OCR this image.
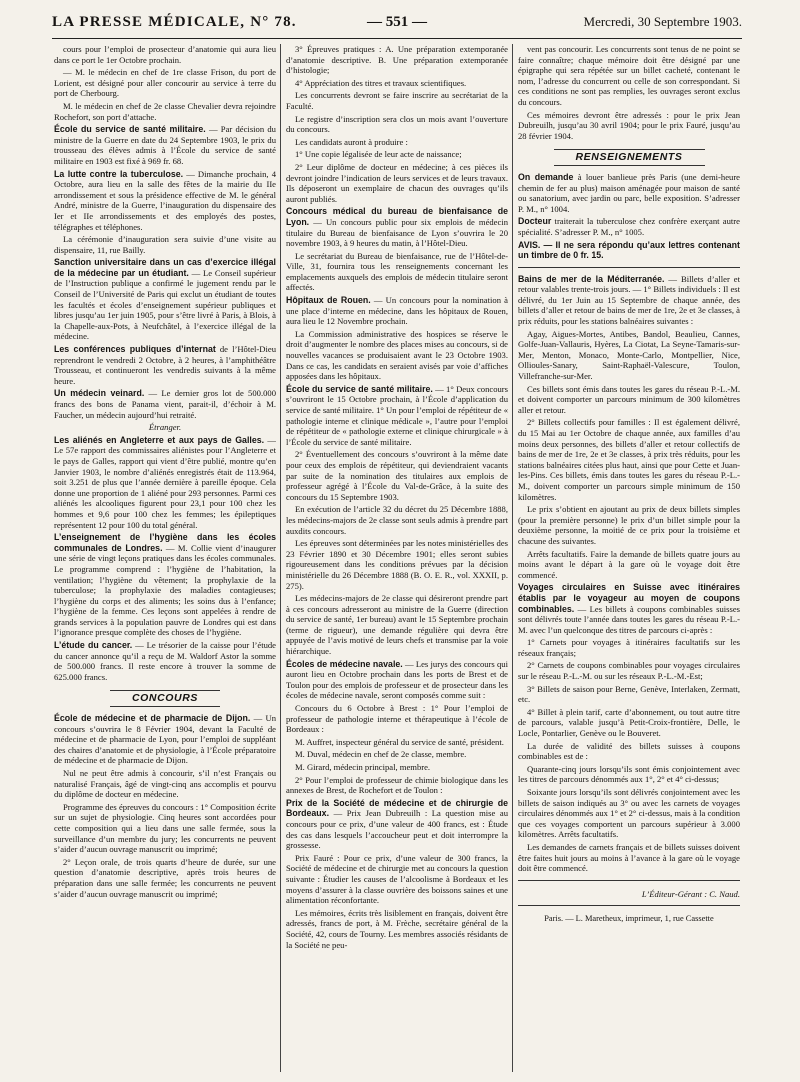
LA PRESSE MÉDICALE, N° 78.	— 551 —	Mercredi, 30 Septembre 1903.

cours pour l’emploi de prosecteur d’anatomie qui aura lieu dans ce port le 1er Octobre prochain.

— M. le médecin en chef de 1re classe Frison, du port de Lorient, est désigné pour aller concourir au service à terre du port de Cherbourg.

M. le médecin en chef de 2e classe Chevalier devra rejoindre Rochefort, son port d’attache.

École du service de santé militaire. — Par décision du ministre de la Guerre en date du 24 Septembre 1903, le prix du trousseau des élèves admis à l’École du service de santé militaire en 1903 est fixé à 969 fr. 68.

La lutte contre la tuberculose. — Dimanche prochain, 4 Octobre, aura lieu en la salle des fêtes de la mairie du IIe arrondissement et sous la présidence effective de M. le général André, ministre de la Guerre, l’inauguration du dispensaire des Ier et IIe arrondissements et des employés des postes, télégraphes et téléphones.

La cérémonie d’inauguration sera suivie d’une visite au dispensaire, 11, rue Bailly.

Sanction universitaire dans un cas d’exercice illégal de la médecine par un étudiant. — Le Conseil supérieur de l’Instruction publique a confirmé le jugement rendu par le Conseil de l’Université de Paris qui exclut un étudiant de toutes les facultés et écoles d’enseignement supérieur publiques et libres jusqu’au 1er juin 1905, pour s’être livré à Paris, à Blois, à la Chapelle-aux-Pots, à Neufchâtel, à l’exercice illégal de la médecine.

Les conférences publiques d’internat de l’Hôtel-Dieu reprendront le vendredi 2 Octobre, à 2 heures, à l’amphithéâtre Trousseau, et continueront les vendredis suivants à la même heure.

Un médecin veinard. — Le dernier gros lot de 500.000 francs des bons de Panama vient, parait-il, d’échoir à M. Faucher, un médecin aujourd’hui retraité.

Étranger.

Les aliénés en Angleterre et aux pays de Galles. — Le 57e rapport des commissaires aliénistes pour l’Angleterre et le pays de Galles, rapport qui vient d’être publié, montre qu’en Janvier 1903, le nombre d’aliénés enregistrés était de 113.964, soit 3.251 de plus que l’année dernière à pareille époque. Cela donne une proportion de 1 aliéné pour 293 personnes. Parmi ces aliénés les alcooliques figurent pour 23,1 pour 100 chez les hommes et 9,6 pour 100 chez les femmes; les épileptiques représentent 12 pour 100 du total général.

L’enseignement de l’hygiène dans les écoles communales de Londres. — M. Collie vient d’inaugurer une série de vingt leçons pratiques dans les écoles communales. Le programme comprend : l’hygiène de l’habitation, la ventilation; l’hygiène du vêtement; la prophylaxie de la tuberculose; la prophylaxie des maladies contagieuses; l’hygiène du corps et des aliments; les soins dus à l’enfance; l’hygiène de la femme. Ces leçons sont appelées à rendre de grands services à la population pauvre de Londres qui est dans l’ignorance presque complète des choses de l’hygiène.

L’étude du cancer. — Le trésorier de la caisse pour l’étude du cancer annonce qu’il a reçu de M. Waldorf Astor la somme de 500.000 francs. Il reste encore à trouver la somme de 625.000 francs.

CONCOURS

École de médecine et de pharmacie de Dijon. — Un concours s’ouvrira le 8 Février 1904, devant la Faculté de médecine et de pharmacie de Lyon, pour l’emploi de suppléant des chaires d’anatomie et de physiologie, à l’École préparatoire de médecine et de pharmacie de Dijon.

Nul ne peut être admis à concourir, s’il n’est Français ou naturalisé Français, âgé de vingt-cinq ans accomplis et pourvu du diplôme de docteur en médecine.

Programme des épreuves du concours : 1° Composition écrite sur un sujet de physiologie. Cinq heures sont accordées pour cette composition qui a lieu dans une salle fermée, sous la surveillance d’un membre du jury; les concurrents ne peuvent s’aider d’aucun ouvrage manuscrit ou imprimé;

2° Leçon orale, de trois quarts d’heure de durée, sur une question d’anatomie descriptive, après trois heures de préparation dans une salle fermée; les concurrents ne peuvent s’aider d’aucun ouvrage manuscrit ou imprimé;

3° Épreuves pratiques : A. Une préparation extemporanée d’anatomie descriptive. B. Une préparation extemporanée d’histologie;

4° Appréciation des titres et travaux scientifiques.

Les concurrents devront se faire inscrire au secrétariat de la Faculté.

Le registre d’inscription sera clos un mois avant l’ouverture du concours.

Les candidats auront à produire :

1° Une copie légalisée de leur acte de naissance;

2° Leur diplôme de docteur en médecine; à ces pièces ils devront joindre l’indication de leurs services et de leurs travaux. Ils déposeront un exemplaire de chacun des ouvrages qu’ils auront publiés.

Concours médical du bureau de bienfaisance de Lyon. — Un concours public pour six emplois de médecin titulaire du Bureau de bienfaisance de Lyon s’ouvrira le 20 novembre 1903, à 9 heures du matin, à l’Hôtel-Dieu.

Le secrétariat du Bureau de bienfaisance, rue de l’Hôtel-de-Ville, 31, fournira tous les renseignements concernant les emplacements auxquels des emplois de médecin titulaire seront affectés.

Hôpitaux de Rouen. — Un concours pour la nomination à une place d’interne en médecine, dans les hôpitaux de Rouen, aura lieu le 12 Novembre prochain.

La Commission administrative des hospices se réserve le droit d’augmenter le nombre des places mises au concours, si de nouvelles vacances se produisaient avant le 23 Octobre 1903. Dans ce cas, les candidats en seraient avisés par voie d’affiches apposées dans les hôpitaux.

École du service de santé militaire. — 1° Deux concours s’ouvriront le 15 Octobre prochain, à l’École d’application du service de santé militaire. 1° Un pour l’emploi de répétiteur de « pathologie interne et clinique médicale », l’autre pour l’emploi de répétiteur de « pathologie externe et clinique chirurgicale » à l’École du service de santé militaire.

2° Éventuellement des concours s’ouvriront à la même date pour ceux des emplois de répétiteur, qui deviendraient vacants par suite de la nomination des titulaires aux emplois de professeur agrégé à l’École du Val-de-Grâce, à la suite des concours du 15 Septembre 1903.

En exécution de l’article 32 du décret du 25 Décembre 1888, les médecins-majors de 2e classe sont seuls admis à prendre part auxdits concours.

Les épreuves sont déterminées par les notes ministérielles des 23 Février 1890 et 30 Décembre 1901; elles seront subies rigoureusement dans les conditions prévues par la décision ministérielle du 26 Décembre 1888 (B. O. E. R., vol. XXXII, p. 275).

Les médecins-majors de 2e classe qui désireront prendre part à ces concours adresseront au ministre de la Guerre (direction du service de santé, 1er bureau) avant le 15 Septembre prochain (terme de rigueur), une demande régulière qui devra être appuyée de l’avis motivé de leurs chefs et transmise par la voie hiérarchique.

Écoles de médecine navale. — Les jurys des concours qui auront lieu en Octobre prochain dans les ports de Brest et de Toulon pour des emplois de professeur et de prosecteur dans les écoles de médecine navale, seront composés comme suit :

Concours du 6 Octobre à Brest : 1° Pour l’emploi de professeur de pathologie interne et thérapeutique à l’école de Bordeaux :

M. Auffret, inspecteur général du service de santé, président.

M. Duval, médecin en chef de 2e classe, membre.

M. Girard, médecin principal, membre.

2° Pour l’emploi de professeur de chimie biologique dans les annexes de Brest, de Rochefort et de Toulon :

Prix de la Société de médecine et de chirurgie de Bordeaux. — Prix Jean Dubreuilh : La question mise au concours pour ce prix, d’une valeur de 400 francs, est : Étude des cas dans lesquels l’accoucheur peut et doit interrompre la grossesse.

Prix Fauré : Pour ce prix, d’une valeur de 300 francs, la Société de médecine et de chirurgie met au concours la question suivante : Étudier les causes de l’alcoolisme à Bordeaux et les moyens d’assurer à la classe ouvrière des boissons saines et une alimentation réconfortante.

Les mémoires, écrits très lisiblement en français, doivent être adressés, francs de port, à M. Frèche, secrétaire général de la Société, 42, cours de Tourny. Les membres associés résidants de la Société ne peu-

vent pas concourir. Les concurrents sont tenus de ne point se faire connaître; chaque mémoire doit être désigné par une épigraphe qui sera répétée sur un billet cacheté, contenant le nom, l’adresse du concurrent ou celle de son correspondant. Si ces conditions ne sont pas remplies, les ouvrages seront exclus du concours.

Ces mémoires devront être adressés : pour le prix Jean Dubreuilh, jusqu’au 30 avril 1904; pour le prix Fauré, jusqu’au 28 février 1904.

RENSEIGNEMENTS

On demande à louer banlieue près Paris (une demi-heure chemin de fer au plus) maison aménagée pour maison de santé ou sanatorium, avec jardin ou parc, belle exposition. S’adresser P. M., n° 1004.

Docteur traiterait la tuberculose chez confrère exerçant autre spécialité. S’adresser P. M., n° 1005.

AVIS. — Il ne sera répondu qu’aux lettres contenant un timbre de 0 fr. 15.

Bains de mer de la Méditerranée. — Billets d’aller et retour valables trente-trois jours. — 1° Billets individuels : Il est délivré, du 1er Juin au 15 Septembre de chaque année, des billets d’aller et retour de bains de mer de 1re, 2e et 3e classes, à prix réduits, pour les stations balnéaires suivantes :

Agay, Aigues-Mortes, Antibes, Bandol, Beaulieu, Cannes, Golfe-Juan-Vallauris, Hyères, La Ciotat, La Seyne-Tamaris-sur-Mer, Menton, Monaco, Monte-Carlo, Montpellier, Nice, Ollioules-Sanary, Saint-Raphaël-Valescure, Toulon, Villefranche-sur-Mer.

Ces billets sont émis dans toutes les gares du réseau P.-L.-M. et doivent comporter un parcours minimum de 300 kilomètres aller et retour.

2° Billets collectifs pour familles : Il est également délivré, du 15 Mai au 1er Octobre de chaque année, aux familles d’au moins deux personnes, des billets d’aller et retour collectifs de bains de mer de 1re, 2e et 3e classes, à prix très réduits, pour les stations balnéaires citées plus haut, ainsi que pour Cette et Juan-les-Pins. Ces billets, émis dans toutes les gares du réseau P.-L.-M., doivent comporter un parcours simple minimum de 150 kilomètres.

Le prix s’obtient en ajoutant au prix de deux billets simples (pour la première personne) le prix d’un billet simple pour la deuxième personne, la moitié de ce prix pour la troisième et chacune des suivantes.

Arrêts facultatifs. Faire la demande de billets quatre jours au moins avant le départ à la gare où le voyage doit être commencé.

Voyages circulaires en Suisse avec itinéraires établis par le voyageur au moyen de coupons combinables. — Les billets à coupons combinables suisses sont délivrés toute l’année dans toutes les gares du réseau P.-L.-M. avec l’un quelconque des titres de parcours ci-après :

1° Carnets pour voyages à itinéraires facultatifs sur les réseaux français;

2° Carnets de coupons combinables pour voyages circulaires sur le réseau P.-L.-M. ou sur les réseaux P.-L.-M.-Est;

3° Billets de saison pour Berne, Genève, Interlaken, Zermatt, etc.

4° Billet à plein tarif, carte d’abonnement, ou tout autre titre de parcours, valable jusqu’à Petit-Croix-frontière, Delle, le Locle, Pontarlier, Genève ou le Bouveret.

La durée de validité des billets suisses à coupons combinables est de :

Quarante-cinq jours lorsqu’ils sont émis conjointement avec les titres de parcours dénommés aux 1°, 2° et 4° ci-dessus;

Soixante jours lorsqu’ils sont délivrés conjointement avec les billets de saison indiqués au 3° ou avec les carnets de voyages circulaires dénommés aux 1° et 2° ci-dessus, mais à la condition que ces voyages comportent un parcours supérieur à 3.000 kilomètres. Arrêts facultatifs.

Les demandes de carnets français et de billets suisses doivent être faites huit jours au moins à l’avance à la gare où le voyage doit être commencé.

L’Éditeur-Gérant : C. Naud.

Paris. — L. Maretheux, imprimeur, 1, rue Cassette
